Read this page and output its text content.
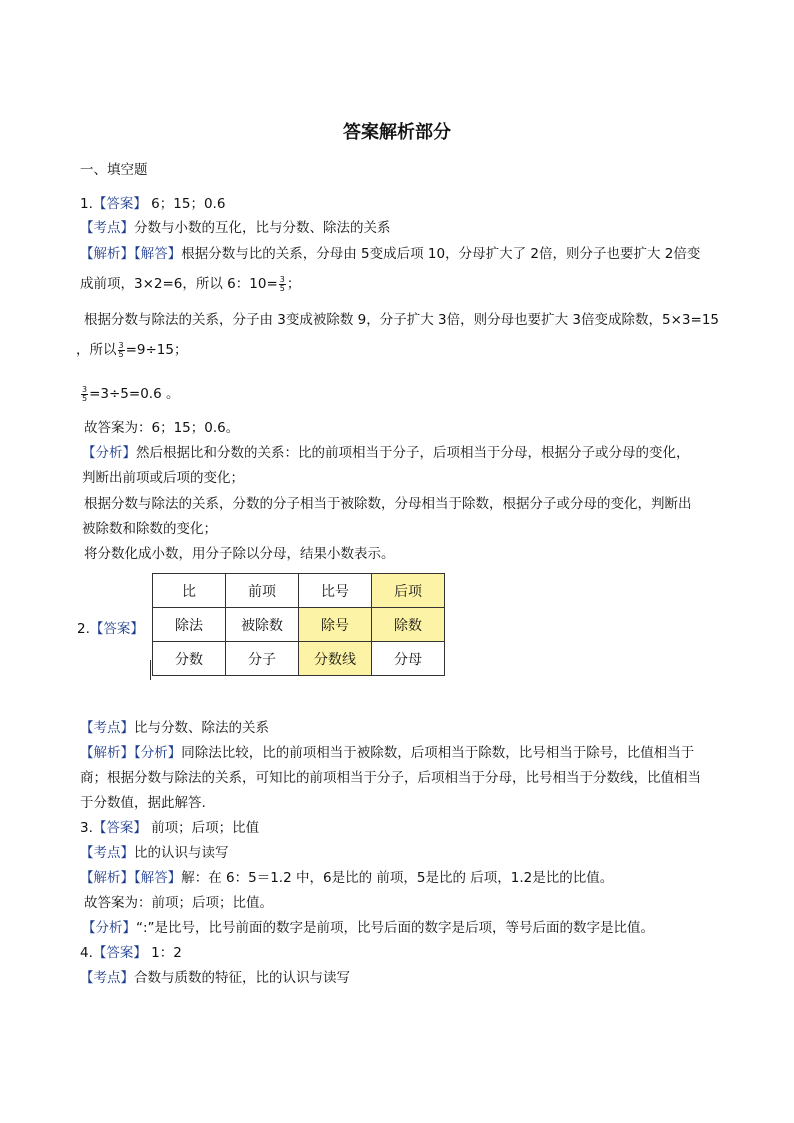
答案解析部分
一、填空题
1.【答案】 6；15；0.6
【考点】分数与小数的互化，比与分数、除法的关系
【解析】【解答】根据分数与比的关系，分母由 5变成后项 10，分母扩大了 2倍，则分子也要扩大 2倍变
成前项，3×2=6，所以 6：$10= \frac{3}{5}$ ；
根据分数与除法的关系，分子由 3变成被除数 9，分子扩大 3倍，则分母也要扩大 3倍变成除数，5×3=15
，所以 $\frac{3}{5} =9\div 15$；
$\frac{3}{5} =3\div 5=0.6$ 。
故答案为：6；15；0.6。
【分析】然后根据比和分数的关系：比的前项相当于分子，后项相当于分母，根据分子或分母的变化，
判断出前项或后项的变化；
根据分数与除法的关系，分数的分子相当于被除数，分母相当于除数，根据分子或分母的变化，判断出
被除数和除数的变化；
将分数化成小数，用分子除以分母，结果小数表示。
2.【答案】
比	前项	比号	后项
除法	被除数	除号	除数
分数	分子	分数线	分母
【考点】比与分数、除法的关系
【解析】【分析】同除法比较，比的前项相当于被除数，后项相当于除数，比号相当于除号，比值相当于
商；根据分数与除法的关系，可知比的前项相当于分子，后项相当于分母，比号相当于分数线，比值相当
于分数值，据此解答.
3.【答案】 前项；后项；比值
【考点】比的认识与读写
【解析】【解答】解：在 6：5＝1.2 中，6是比的 前项，5是比的 后项，1.2是比的比值。
故答案为：前项；后项；比值。
【分析】“:”是比号，比号前面的数字是前项，比号后面的数字是后项，等号后面的数字是比值。
4.【答案】 1：2
【考点】合数与质数的特征，比的认识与读写
